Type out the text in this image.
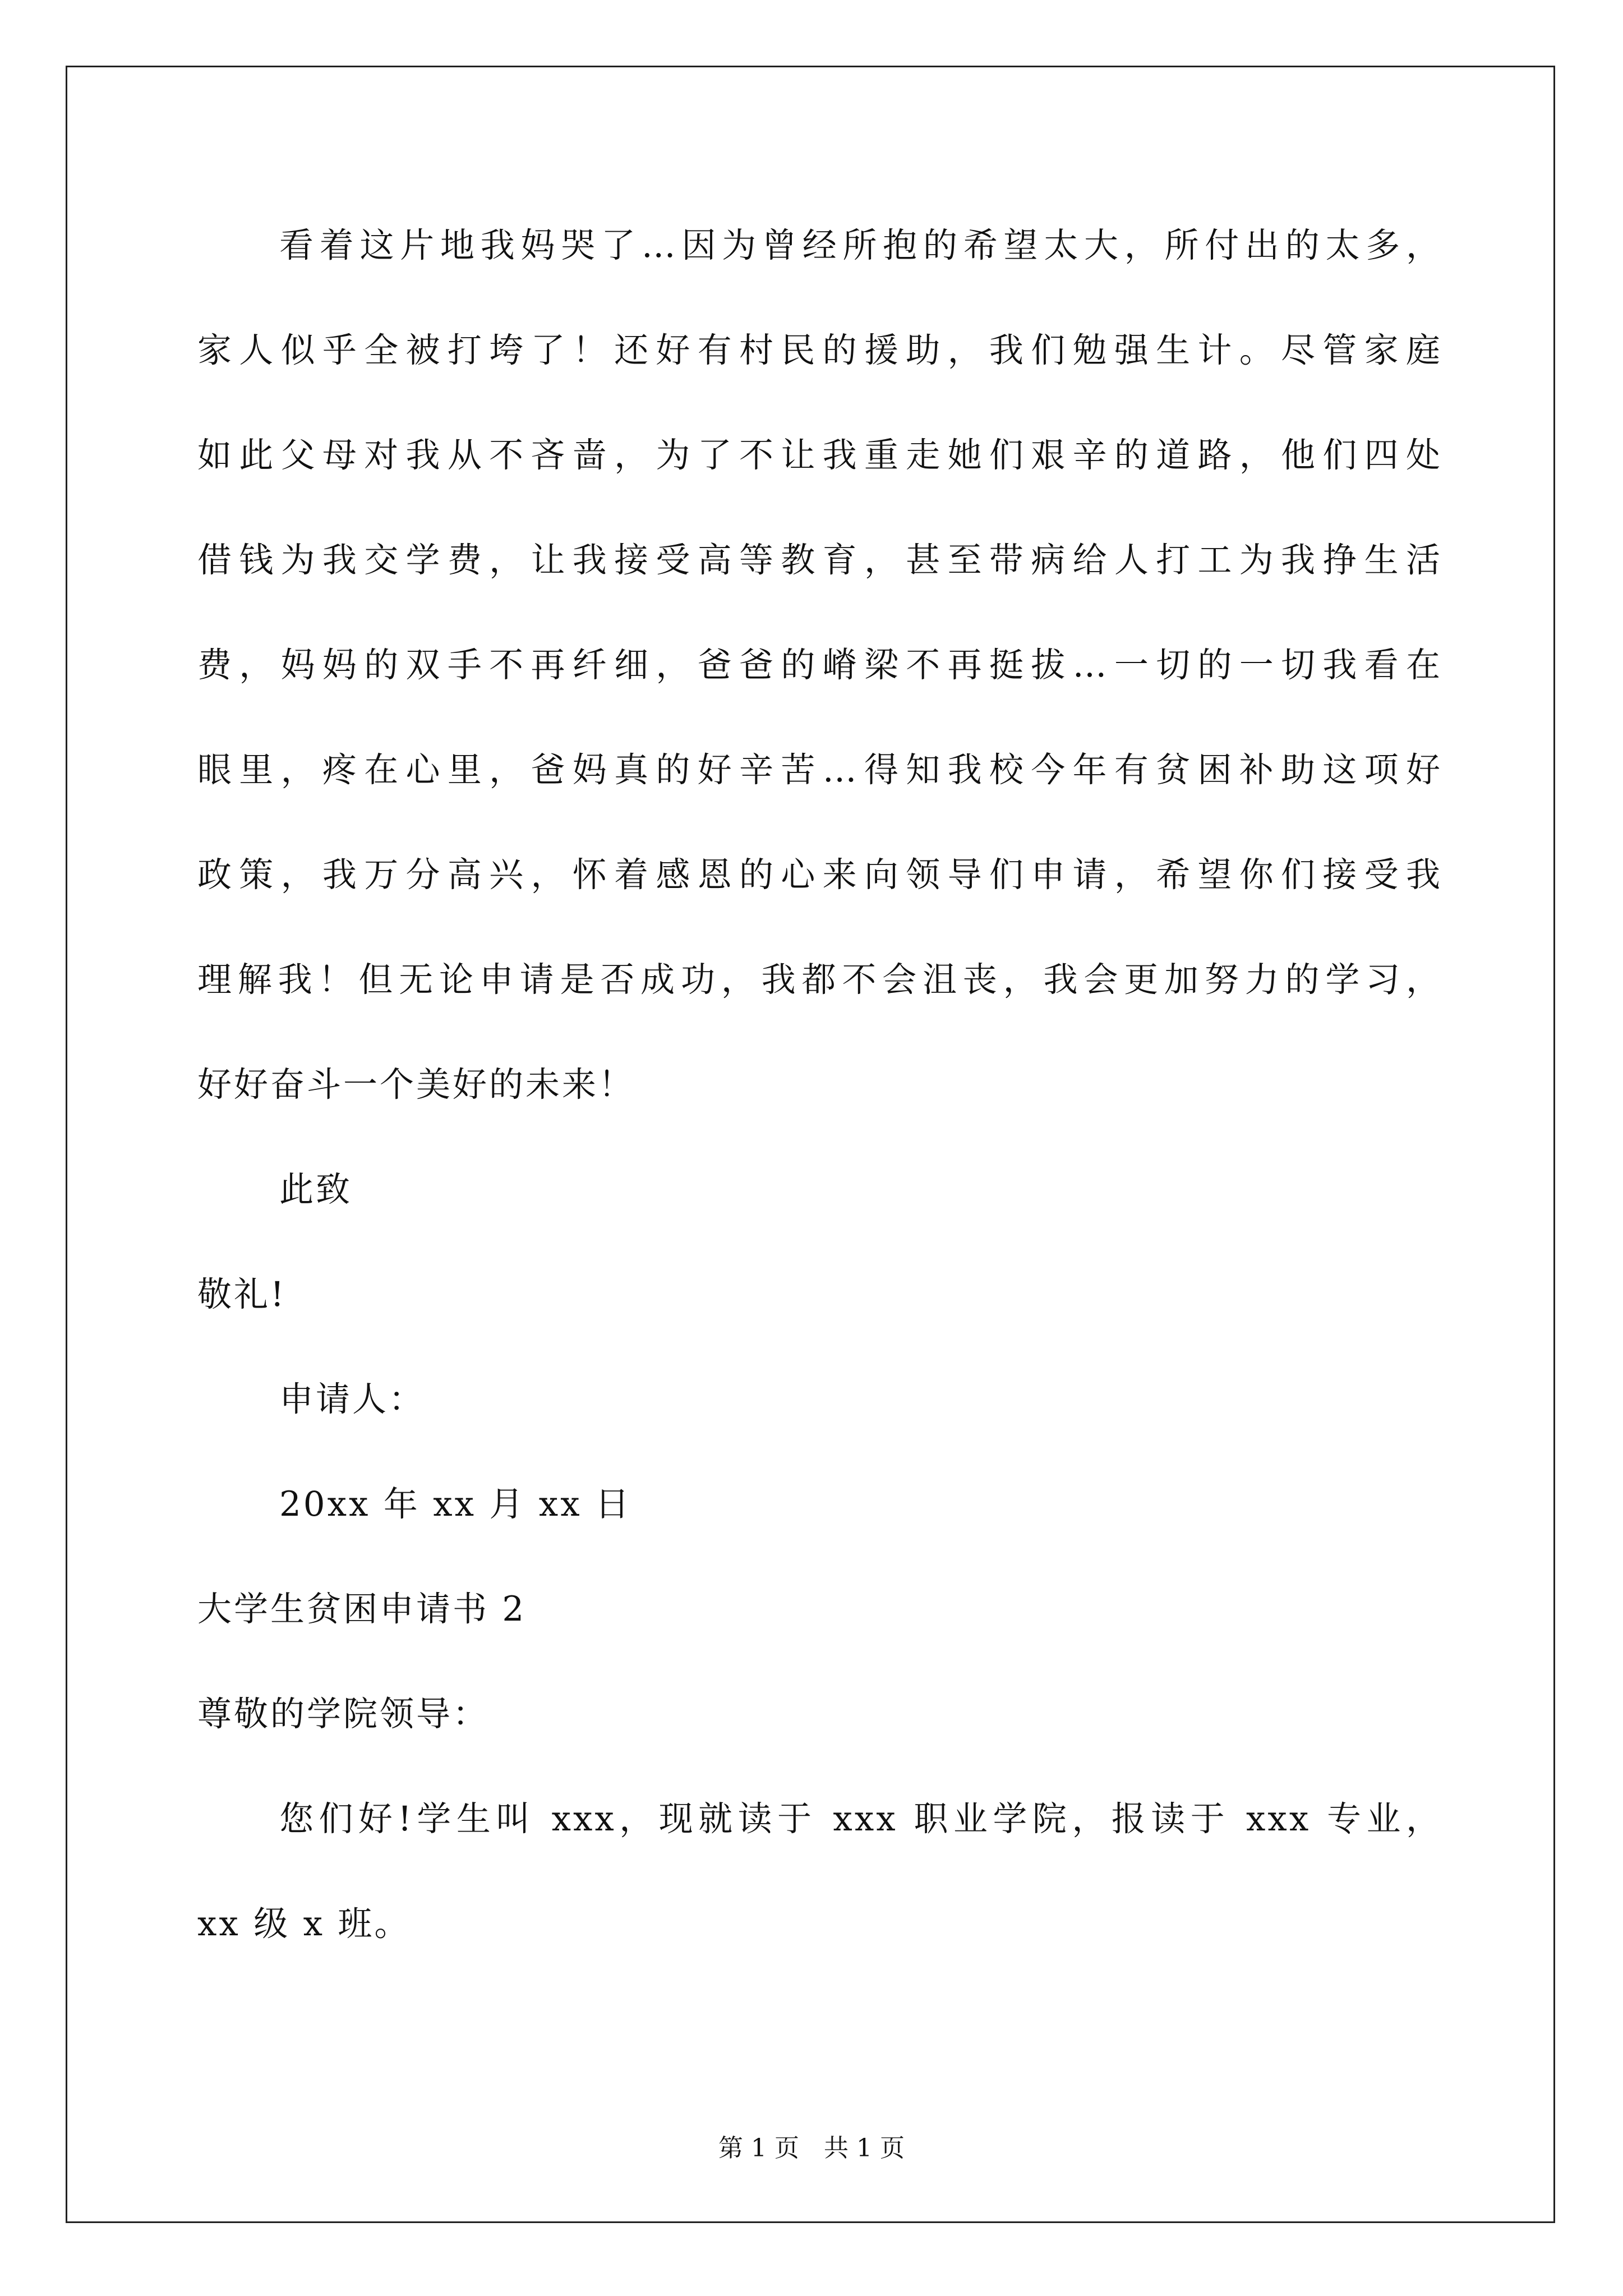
看着这片地我妈哭了…因为曾经所抱的希望太大，所付出的太多，
家人似乎全被打垮了！还好有村民的援助，我们勉强生计。尽管家庭
如此父母对我从不吝啬，为了不让我重走她们艰辛的道路，他们四处
借钱为我交学费，让我接受高等教育，甚至带病给人打工为我挣生活
费，妈妈的双手不再纤细，爸爸的嵴梁不再挺拔…一切的一切我看在
眼里，疼在心里，爸妈真的好辛苦…得知我校今年有贫困补助这项好
政策，我万分高兴，怀着感恩的心来向领导们申请，希望你们接受我
理解我！但无论申请是否成功，我都不会沮丧，我会更加努力的学习，
好好奋斗一个美好的未来！
此致
敬礼!
申请人：
20xx 年 xx 月 xx 日
大学生贫困申请书 2
尊敬的学院领导：
您们好!学生叫 xxx，现就读于 xxx 职业学院，报读于 xxx 专业，
xx 级 x 班。
第 1 页　共 1 页
